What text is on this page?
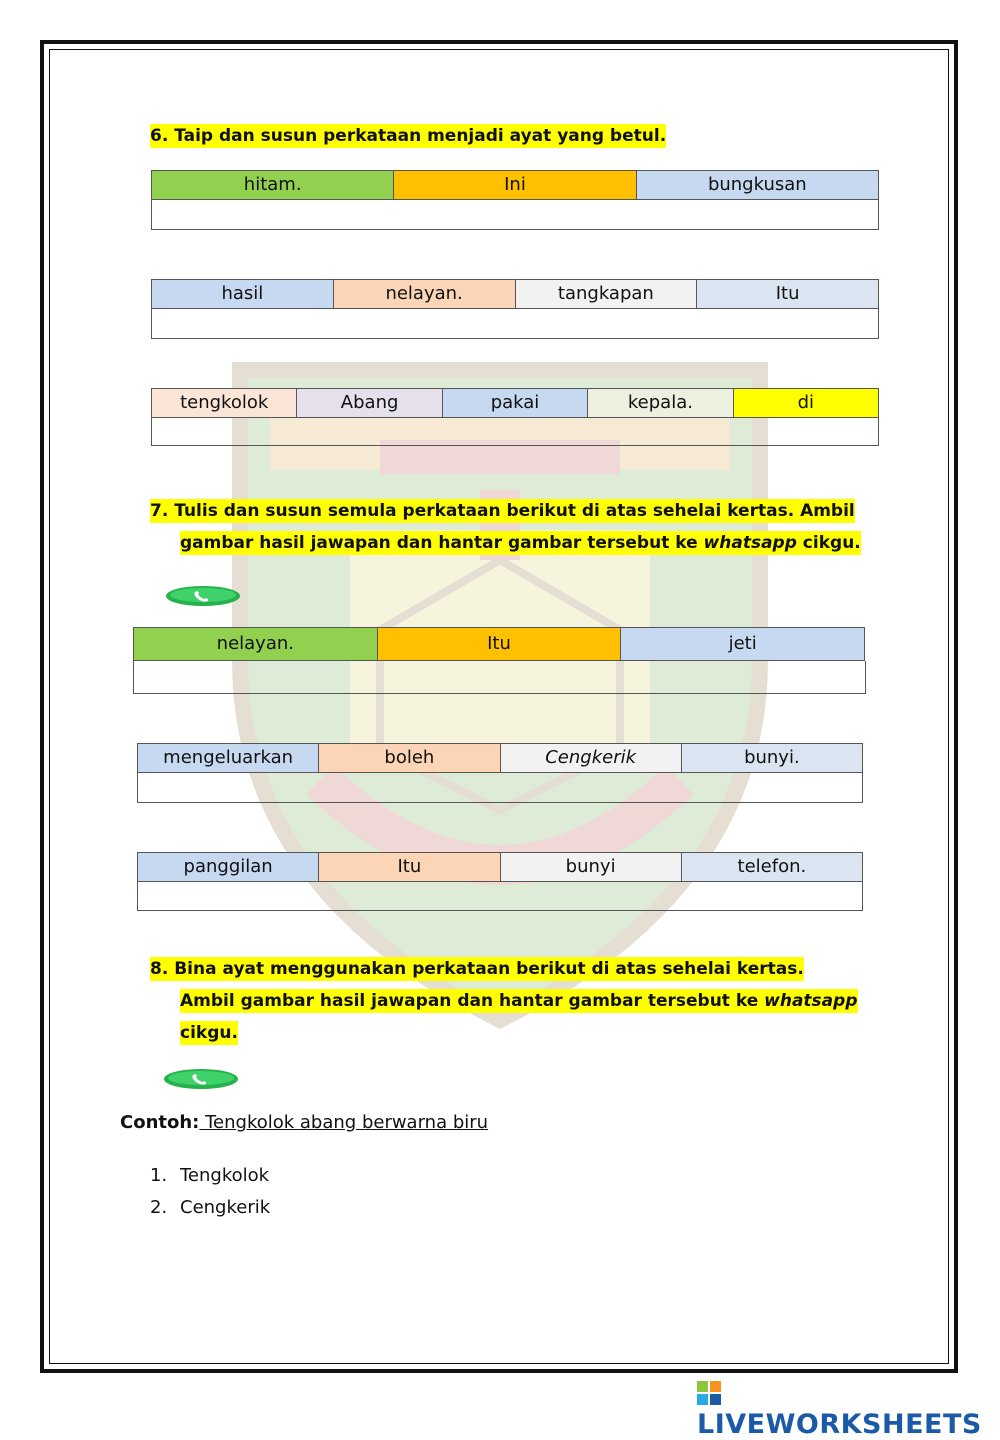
6. Taip dan susun perkataan menjadi ayat yang betul.
hitam.	Ini	bungkusan
hasil	nelayan.	tangkapan	Itu
tengkolok	Abang	pakai	kepala.	di
7. Tulis dan susun semula perkataan berikut di atas sehelai kertas. Ambil
gambar hasil jawapan dan hantar gambar tersebut ke whatsapp cikgu.
nelayan.	Itu	jeti
mengeluarkan	boleh	Cengkerik	bunyi.
panggilan	Itu	bunyi	telefon.
8. Bina ayat menggunakan perkataan berikut di atas sehelai kertas.
Ambil gambar hasil jawapan dan hantar gambar tersebut ke whatsapp
cikgu.
Contoh: Tengkolok abang berwarna biru
1. Tengkolok
2. Cengkerik
LIVEWORKSHEETS
